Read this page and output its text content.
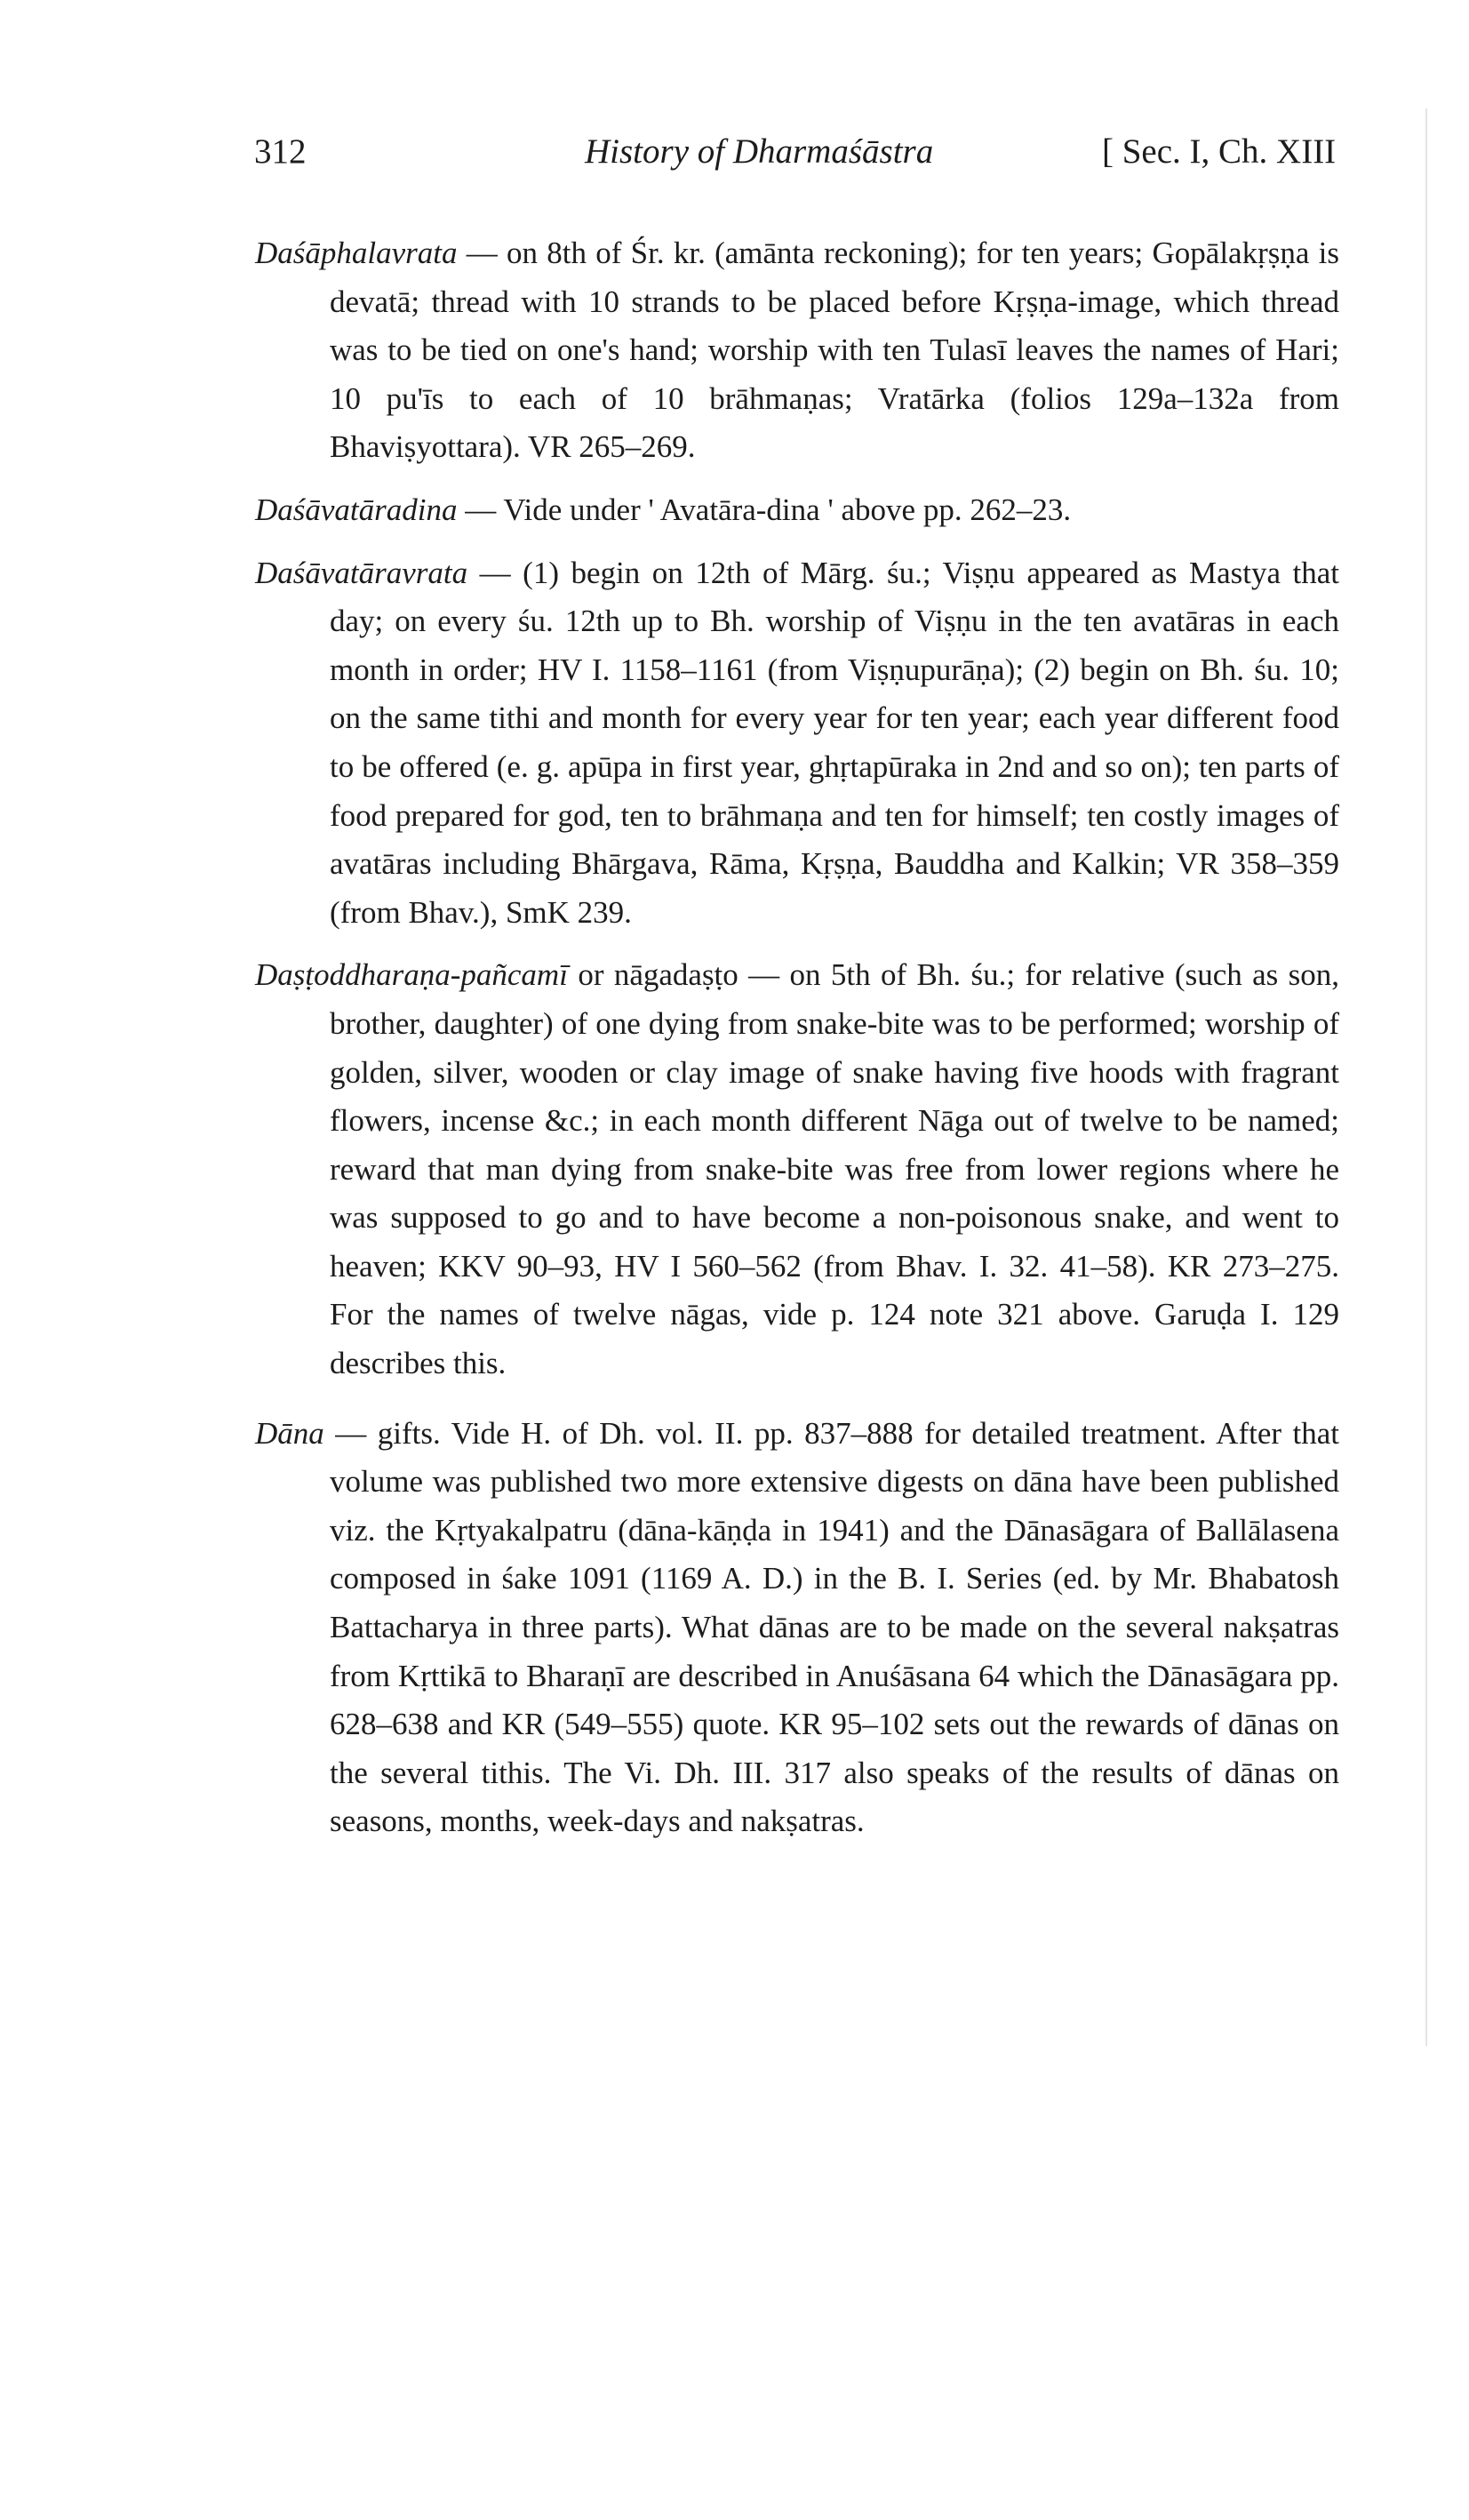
312	History of Dharmaśāstra	[ Sec. I, Ch. XIII

Daśāphalavrata — on 8th of Śr. kr. (amānta reckoning); for ten years; Gopālakṛṣṇa is devatā; thread with 10 strands to be placed before Kṛṣṇa-image, which thread was to be tied on one's hand; worship with ten Tulasī leaves the names of Hari; 10 pu'īs to each of 10 brāhmaṇas; Vratārka (folios 129a–132a from Bhaviṣyottara). VR 265–269.

Daśāvatāradina — Vide under ' Avatāra-dina ' above pp. 262–23.

Daśāvatāravrata — (1) begin on 12th of Mārg. śu.; Viṣṇu appeared as Mastya that day; on every śu. 12th up to Bh. worship of Viṣṇu in the ten avatāras in each month in order; HV I. 1158–1161 (from Viṣṇupurāṇa); (2) begin on Bh. śu. 10; on the same tithi and month for every year for ten year; each year different food to be offered (e. g. apūpa in first year, ghṛtapūraka in 2nd and so on); ten parts of food prepared for god, ten to brāhmaṇa and ten for himself; ten costly images of avatāras including Bhārgava, Rāma, Kṛṣṇa, Bauddha and Kalkin; VR 358–359 (from Bhav.), SmK 239.

Daṣṭoddharaṇa-pañcamī or nāgadaṣṭo — on 5th of Bh. śu.; for relative (such as son, brother, daughter) of one dying from snake-bite was to be performed; worship of golden, silver, wooden or clay image of snake having five hoods with fragrant flowers, incense &c.; in each month different Nāga out of twelve to be named; reward that man dying from snake-bite was free from lower regions where he was supposed to go and to have become a non-poisonous snake, and went to heaven; KKV 90–93, HV I 560–562 (from Bhav. I. 32. 41–58). KR 273–275. For the names of twelve nāgas, vide p. 124 note 321 above. Garuḍa I. 129 describes this.

Dāna — gifts. Vide H. of Dh. vol. II. pp. 837–888 for detailed treatment. After that volume was published two more extensive digests on dāna have been published viz. the Kṛtyakalpatru (dāna-kāṇḍa in 1941) and the Dānasāgara of Ballālasena composed in śake 1091 (1169 A. D.) in the B. I. Series (ed. by Mr. Bhabatosh Battacharya in three parts). What dānas are to be made on the several nakṣatras from Kṛttikā to Bharaṇī are described in Anuśāsana 64 which the Dānasāgara pp. 628–638 and KR (549–555) quote. KR 95–102 sets out the rewards of dānas on the several tithis. The Vi. Dh. III. 317 also speaks of the results of dānas on seasons, months, week-days and nakṣatras.
